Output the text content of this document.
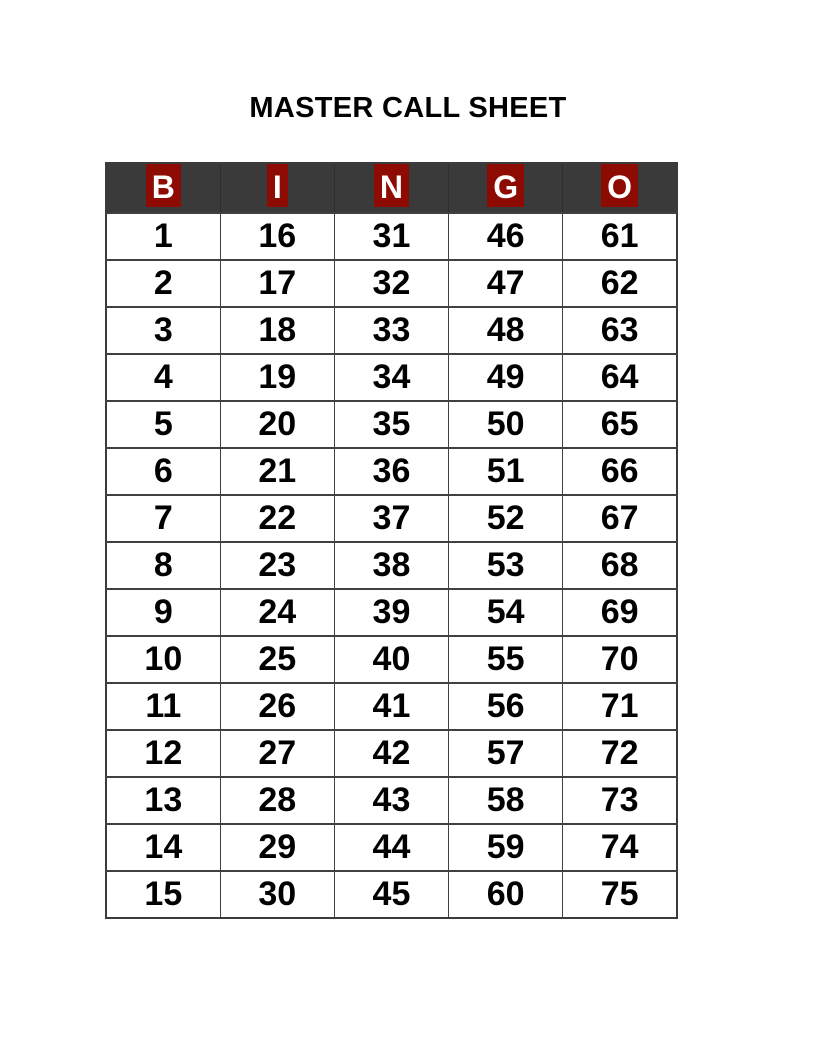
MASTER CALL SHEET
B	I	N	G	O
1	16	31	46	61
2	17	32	47	62
3	18	33	48	63
4	19	34	49	64
5	20	35	50	65
6	21	36	51	66
7	22	37	52	67
8	23	38	53	68
9	24	39	54	69
10	25	40	55	70
11	26	41	56	71
12	27	42	57	72
13	28	43	58	73
14	29	44	59	74
15	30	45	60	75
